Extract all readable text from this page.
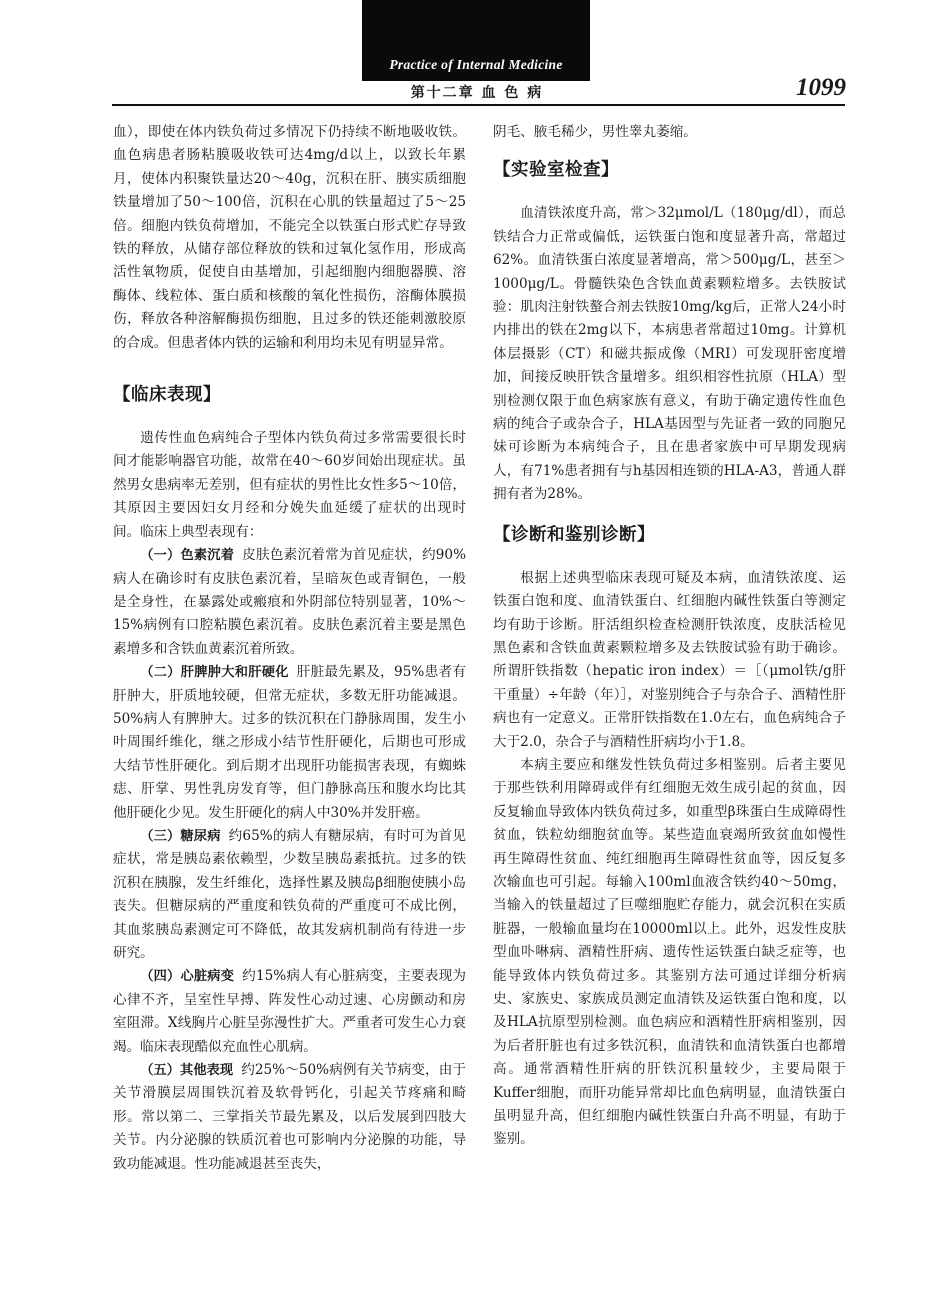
Practice of Internal Medicine
第十二章 血 色 病	1099

血），即使在体内铁负荷过多情况下仍持续不断地吸收铁。血色病患者肠粘膜吸收铁可达4mg/d以上，以致长年累月，使体内积聚铁量达20～40g，沉积在肝、胰实质细胞铁量增加了50～100倍，沉积在心肌的铁量超过了5～25倍。细胞内铁负荷增加，不能完全以铁蛋白形式贮存导致铁的释放，从储存部位释放的铁和过氧化氢作用，形成高活性氧物质，促使自由基增加，引起细胞内细胞器膜、溶酶体、线粒体、蛋白质和核酸的氧化性损伤，溶酶体膜损伤，释放各种溶解酶损伤细胞，且过多的铁还能刺激胶原的合成。但患者体内铁的运输和利用均未见有明显异常。

【临床表现】

遗传性血色病纯合子型体内铁负荷过多常需要很长时间才能影响器官功能，故常在40～60岁间始出现症状。虽然男女患病率无差别，但有症状的男性比女性多5～10倍，其原因主要因妇女月经和分娩失血延缓了症状的出现时间。临床上典型表现有：

（一）色素沉着 皮肤色素沉着常为首见症状，约90%病人在确诊时有皮肤色素沉着，呈暗灰色或青铜色，一般是全身性，在暴露处或瘢痕和外阴部位特别显著，10%～15%病例有口腔粘膜色素沉着。皮肤色素沉着主要是黑色素增多和含铁血黄素沉着所致。

（二）肝脾肿大和肝硬化 肝脏最先累及，95%患者有肝肿大，肝质地较硬，但常无症状，多数无肝功能减退。50%病人有脾肿大。过多的铁沉积在门静脉周围，发生小叶周围纤维化，继之形成小结节性肝硬化，后期也可形成大结节性肝硬化。到后期才出现肝功能损害表现，有蜘蛛痣、肝掌、男性乳房发育等，但门静脉高压和腹水均比其他肝硬化少见。发生肝硬化的病人中30%并发肝癌。

（三）糖尿病 约65%的病人有糖尿病，有时可为首见症状，常是胰岛素依赖型，少数呈胰岛素抵抗。过多的铁沉积在胰腺，发生纤维化，选择性累及胰岛β细胞使胰小岛丧失。但糖尿病的严重度和铁负荷的严重度可不成比例，其血浆胰岛素测定可不降低，故其发病机制尚有待进一步研究。

（四）心脏病变 约15%病人有心脏病变，主要表现为心律不齐，呈室性早搏、阵发性心动过速、心房颤动和房室阻滞。X线胸片心脏呈弥漫性扩大。严重者可发生心力衰竭。临床表现酷似充血性心肌病。

（五）其他表现 约25%～50%病例有关节病变，由于关节滑膜层周围铁沉着及软骨钙化，引起关节疼痛和畸形。常以第二、三掌指关节最先累及，以后发展到四肢大关节。内分泌腺的铁质沉着也可影响内分泌腺的功能，导致功能减退。性功能减退甚至丧失，

阴毛、腋毛稀少，男性睾丸萎缩。

【实验室检查】

血清铁浓度升高，常＞32μmol/L（180μg/dl），而总铁结合力正常或偏低，运铁蛋白饱和度显著升高，常超过62%。血清铁蛋白浓度显著增高，常＞500μg/L，甚至＞1000μg/L。骨髓铁染色含铁血黄素颗粒增多。去铁胺试验：肌肉注射铁螯合剂去铁胺10mg/kg后，正常人24小时内排出的铁在2mg以下，本病患者常超过10mg。计算机体层摄影（CT）和磁共振成像（MRI）可发现肝密度增加，间接反映肝铁含量增多。组织相容性抗原（HLA）型别检测仅限于血色病家族有意义，有助于确定遗传性血色病的纯合子或杂合子，HLA基因型与先证者一致的同胞兄妹可诊断为本病纯合子，且在患者家族中可早期发现病人，有71%患者拥有与h基因相连锁的HLA-A3，普通人群拥有者为28%。

【诊断和鉴别诊断】

根据上述典型临床表现可疑及本病，血清铁浓度、运铁蛋白饱和度、血清铁蛋白、红细胞内碱性铁蛋白等测定均有助于诊断。肝活组织检查检测肝铁浓度，皮肤活检见黑色素和含铁血黄素颗粒增多及去铁胺试验有助于确诊。所谓肝铁指数（hepatic iron index）＝［（μmol铁/g肝干重量）÷年龄（年）］，对鉴别纯合子与杂合子、酒精性肝病也有一定意义。正常肝铁指数在1.0左右，血色病纯合子大于2.0，杂合子与酒精性肝病均小于1.8。

本病主要应和继发性铁负荷过多相鉴别。后者主要见于那些铁利用障碍或伴有红细胞无效生成引起的贫血，因反复输血导致体内铁负荷过多，如重型β珠蛋白生成障碍性贫血，铁粒幼细胞贫血等。某些造血衰竭所致贫血如慢性再生障碍性贫血、纯红细胞再生障碍性贫血等，因反复多次输血也可引起。每输入100ml血液含铁约40～50mg，当输入的铁量超过了巨噬细胞贮存能力，就会沉积在实质脏器，一般输血量均在10000ml以上。此外，迟发性皮肤型血卟啉病、酒精性肝病、遗传性运铁蛋白缺乏症等，也能导致体内铁负荷过多。其鉴别方法可通过详细分析病史、家族史、家族成员测定血清铁及运铁蛋白饱和度，以及HLA抗原型别检测。血色病应和酒精性肝病相鉴别，因为后者肝脏也有过多铁沉积，血清铁和血清铁蛋白也都增高。通常酒精性肝病的肝铁沉积量较少，主要局限于Kuffer细胞，而肝功能异常却比血色病明显，血清铁蛋白虽明显升高，但红细胞内碱性铁蛋白升高不明显，有助于鉴别。
